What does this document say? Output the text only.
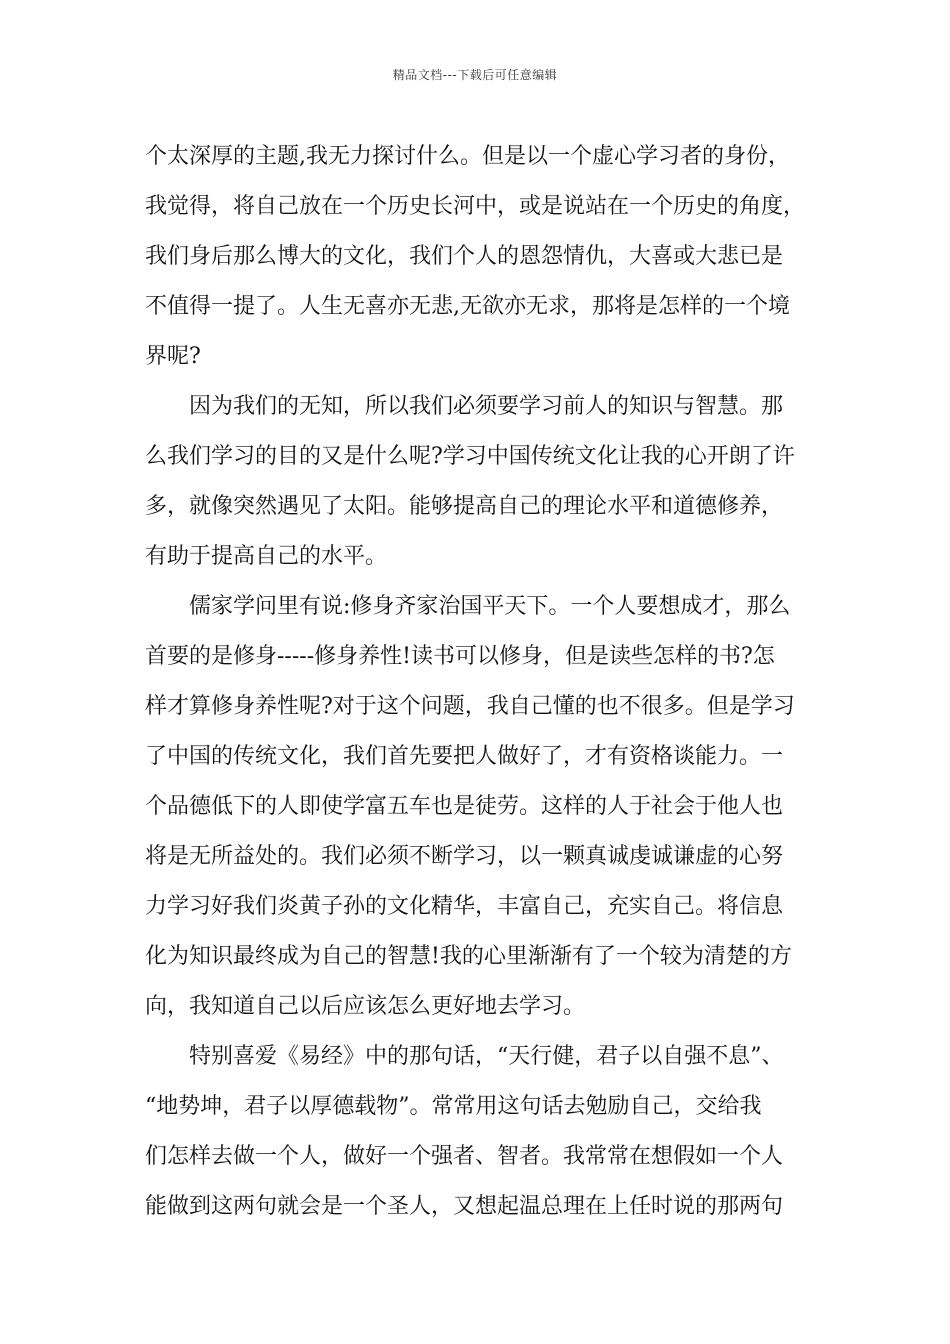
精品文档---下载后可任意编辑
个太深厚的主题,我无力探讨什么。但是以一个虚心学习者的身份，
我觉得，将自己放在一个历史长河中，或是说站在一个历史的角度，
我们身后那么博大的文化，我们个人的恩怨情仇，大喜或大悲已是
不值得一提了。人生无喜亦无悲,无欲亦无求，那将是怎样的一个境
界呢?
因为我们的无知，所以我们必须要学习前人的知识与智慧。那
么我们学习的目的又是什么呢?学习中国传统文化让我的心开朗了许
多，就像突然遇见了太阳。能够提高自己的理论水平和道德修养，
有助于提高自己的水平。
儒家学问里有说:修身齐家治国平天下。一个人要想成才，那么
首要的是修身-----修身养性!读书可以修身，但是读些怎样的书?怎
样才算修身养性呢?对于这个问题，我自己懂的也不很多。但是学习
了中国的传统文化，我们首先要把人做好了，才有资格谈能力。一
个品德低下的人即使学富五车也是徒劳。这样的人于社会于他人也
将是无所益处的。我们必须不断学习，以一颗真诚虔诚谦虚的心努
力学习好我们炎黄子孙的文化精华，丰富自己，充实自己。将信息
化为知识最终成为自己的智慧!我的心里渐渐有了一个较为清楚的方
向，我知道自己以后应该怎么更好地去学习。
特别喜爱《易经》中的那句话，“天行健，君子以自强不息”、
“地势坤，君子以厚德载物”。常常用这句话去勉励自己，交给我
们怎样去做一个人，做好一个强者、智者。我常常在想假如一个人
能做到这两句就会是一个圣人，又想起温总理在上任时说的那两句
